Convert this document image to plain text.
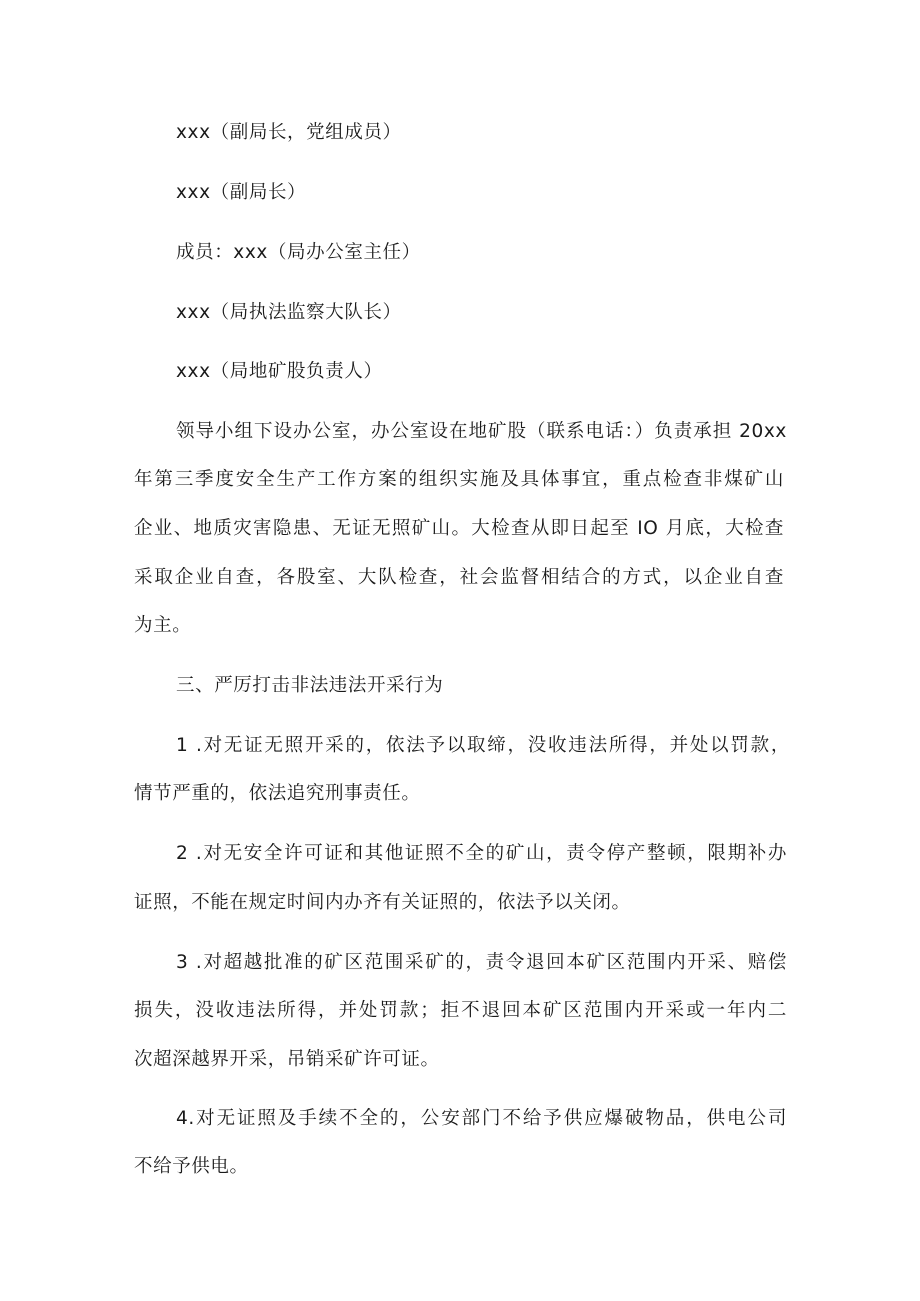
xxx（副局长，党组成员）
xxx（副局长）
成员：xxx（局办公室主任）
xxx（局执法监察大队长）
xxx（局地矿股负责人）
领导小组下设办公室，办公室设在地矿股（联系电话：）负责承担 20xx
年第三季度安全生产工作方案的组织实施及具体事宜，重点检查非煤矿山
企业、地质灾害隐患、无证无照矿山。大检查从即日起至 IO 月底，大检查
采取企业自查，各股室、大队检查，社会监督相结合的方式，以企业自查
为主。
三、严厉打击非法违法开采行为
1 .对无证无照开采的，依法予以取缔，没收违法所得，并处以罚款，
情节严重的，依法追究刑事责任。
2 .对无安全许可证和其他证照不全的矿山，责令停产整顿，限期补办
证照，不能在规定时间内办齐有关证照的，依法予以关闭。
3 .对超越批准的矿区范围采矿的，责令退回本矿区范围内开采、赔偿
损失，没收违法所得，并处罚款；拒不退回本矿区范围内开采或一年内二
次超深越界开采，吊销采矿许可证。
4.对无证照及手续不全的，公安部门不给予供应爆破物品，供电公司
不给予供电。
